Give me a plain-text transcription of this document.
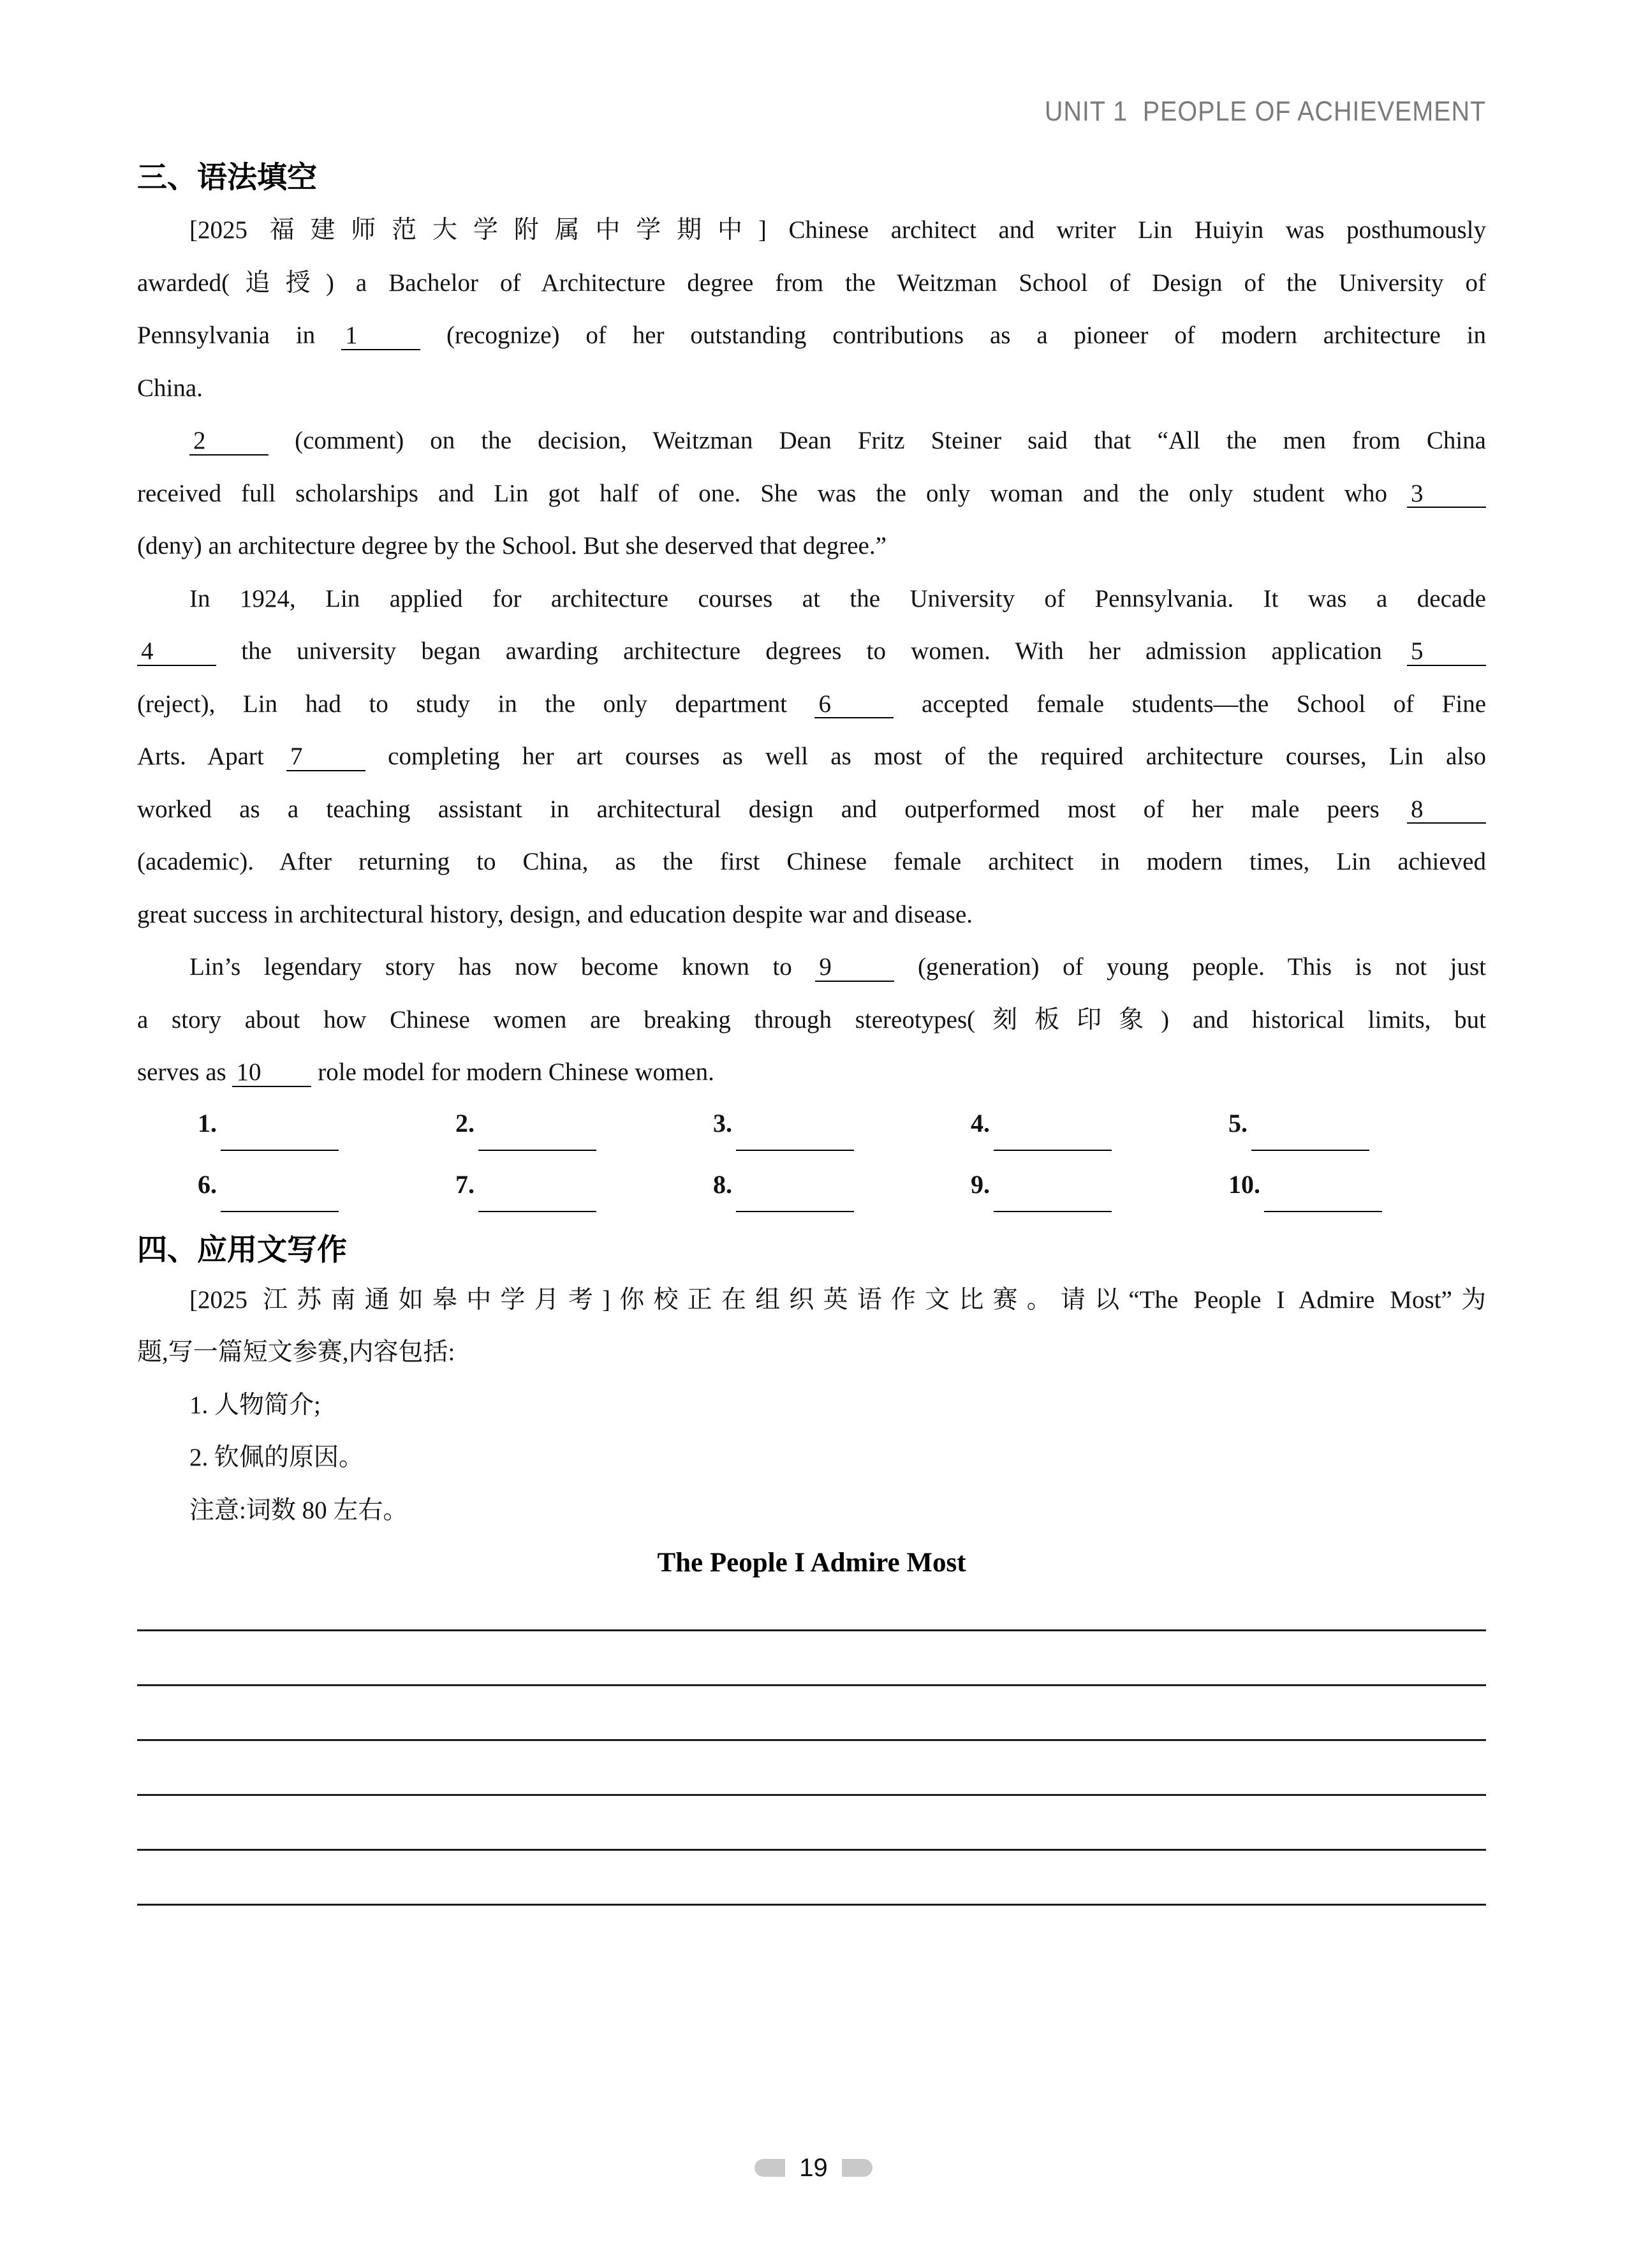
UNIT 1  PEOPLE OF ACHIEVEMENT
三、语法填空
[2025 福建师范大学附属中学期中] Chinese architect and writer Lin Huiyin was posthumously
awarded(追授) a Bachelor of Architecture degree from the Weitzman School of Design of the University of
Pennsylvania in 1	(recognize) of her outstanding contributions as a pioneer of modern architecture in
China.
2	(comment) on the decision, Weitzman Dean Fritz Steiner said that “All the men from China
received full scholarships and Lin got half of one. She was the only woman and the only student who 3
(deny) an architecture degree by the School. But she deserved that degree.”
In 1924, Lin applied for architecture courses at the University of Pennsylvania. It was a decade
4	the university began awarding architecture degrees to women. With her admission application 5
(reject), Lin had to study in the only department 6	accepted female students—the School of Fine
Arts. Apart 7	completing her art courses as well as most of the required architecture courses, Lin also
worked as a teaching assistant in architectural design and outperformed most of her male peers 8
(academic). After returning to China, as the first Chinese female architect in modern times, Lin achieved
great success in architectural history, design, and education despite war and disease.
Lin’s legendary story has now become known to 9	(generation) of young people. This is not just
a story about how Chinese women are breaking through stereotypes(刻板印象) and historical limits, but
serves as 10 role model for modern Chinese women.
1.	2.	3.	4.	5.
6.	7.	8.	9.	10.
四、应用文写作
[2025 江苏南通如皋中学月考]你校正在组织英语作文比赛。请以“The People I Admire Most”为
题,写一篇短文参赛,内容包括:
1. 人物简介;
2. 钦佩的原因。
注意:词数 80 左右。
The People I Admire Most
19
